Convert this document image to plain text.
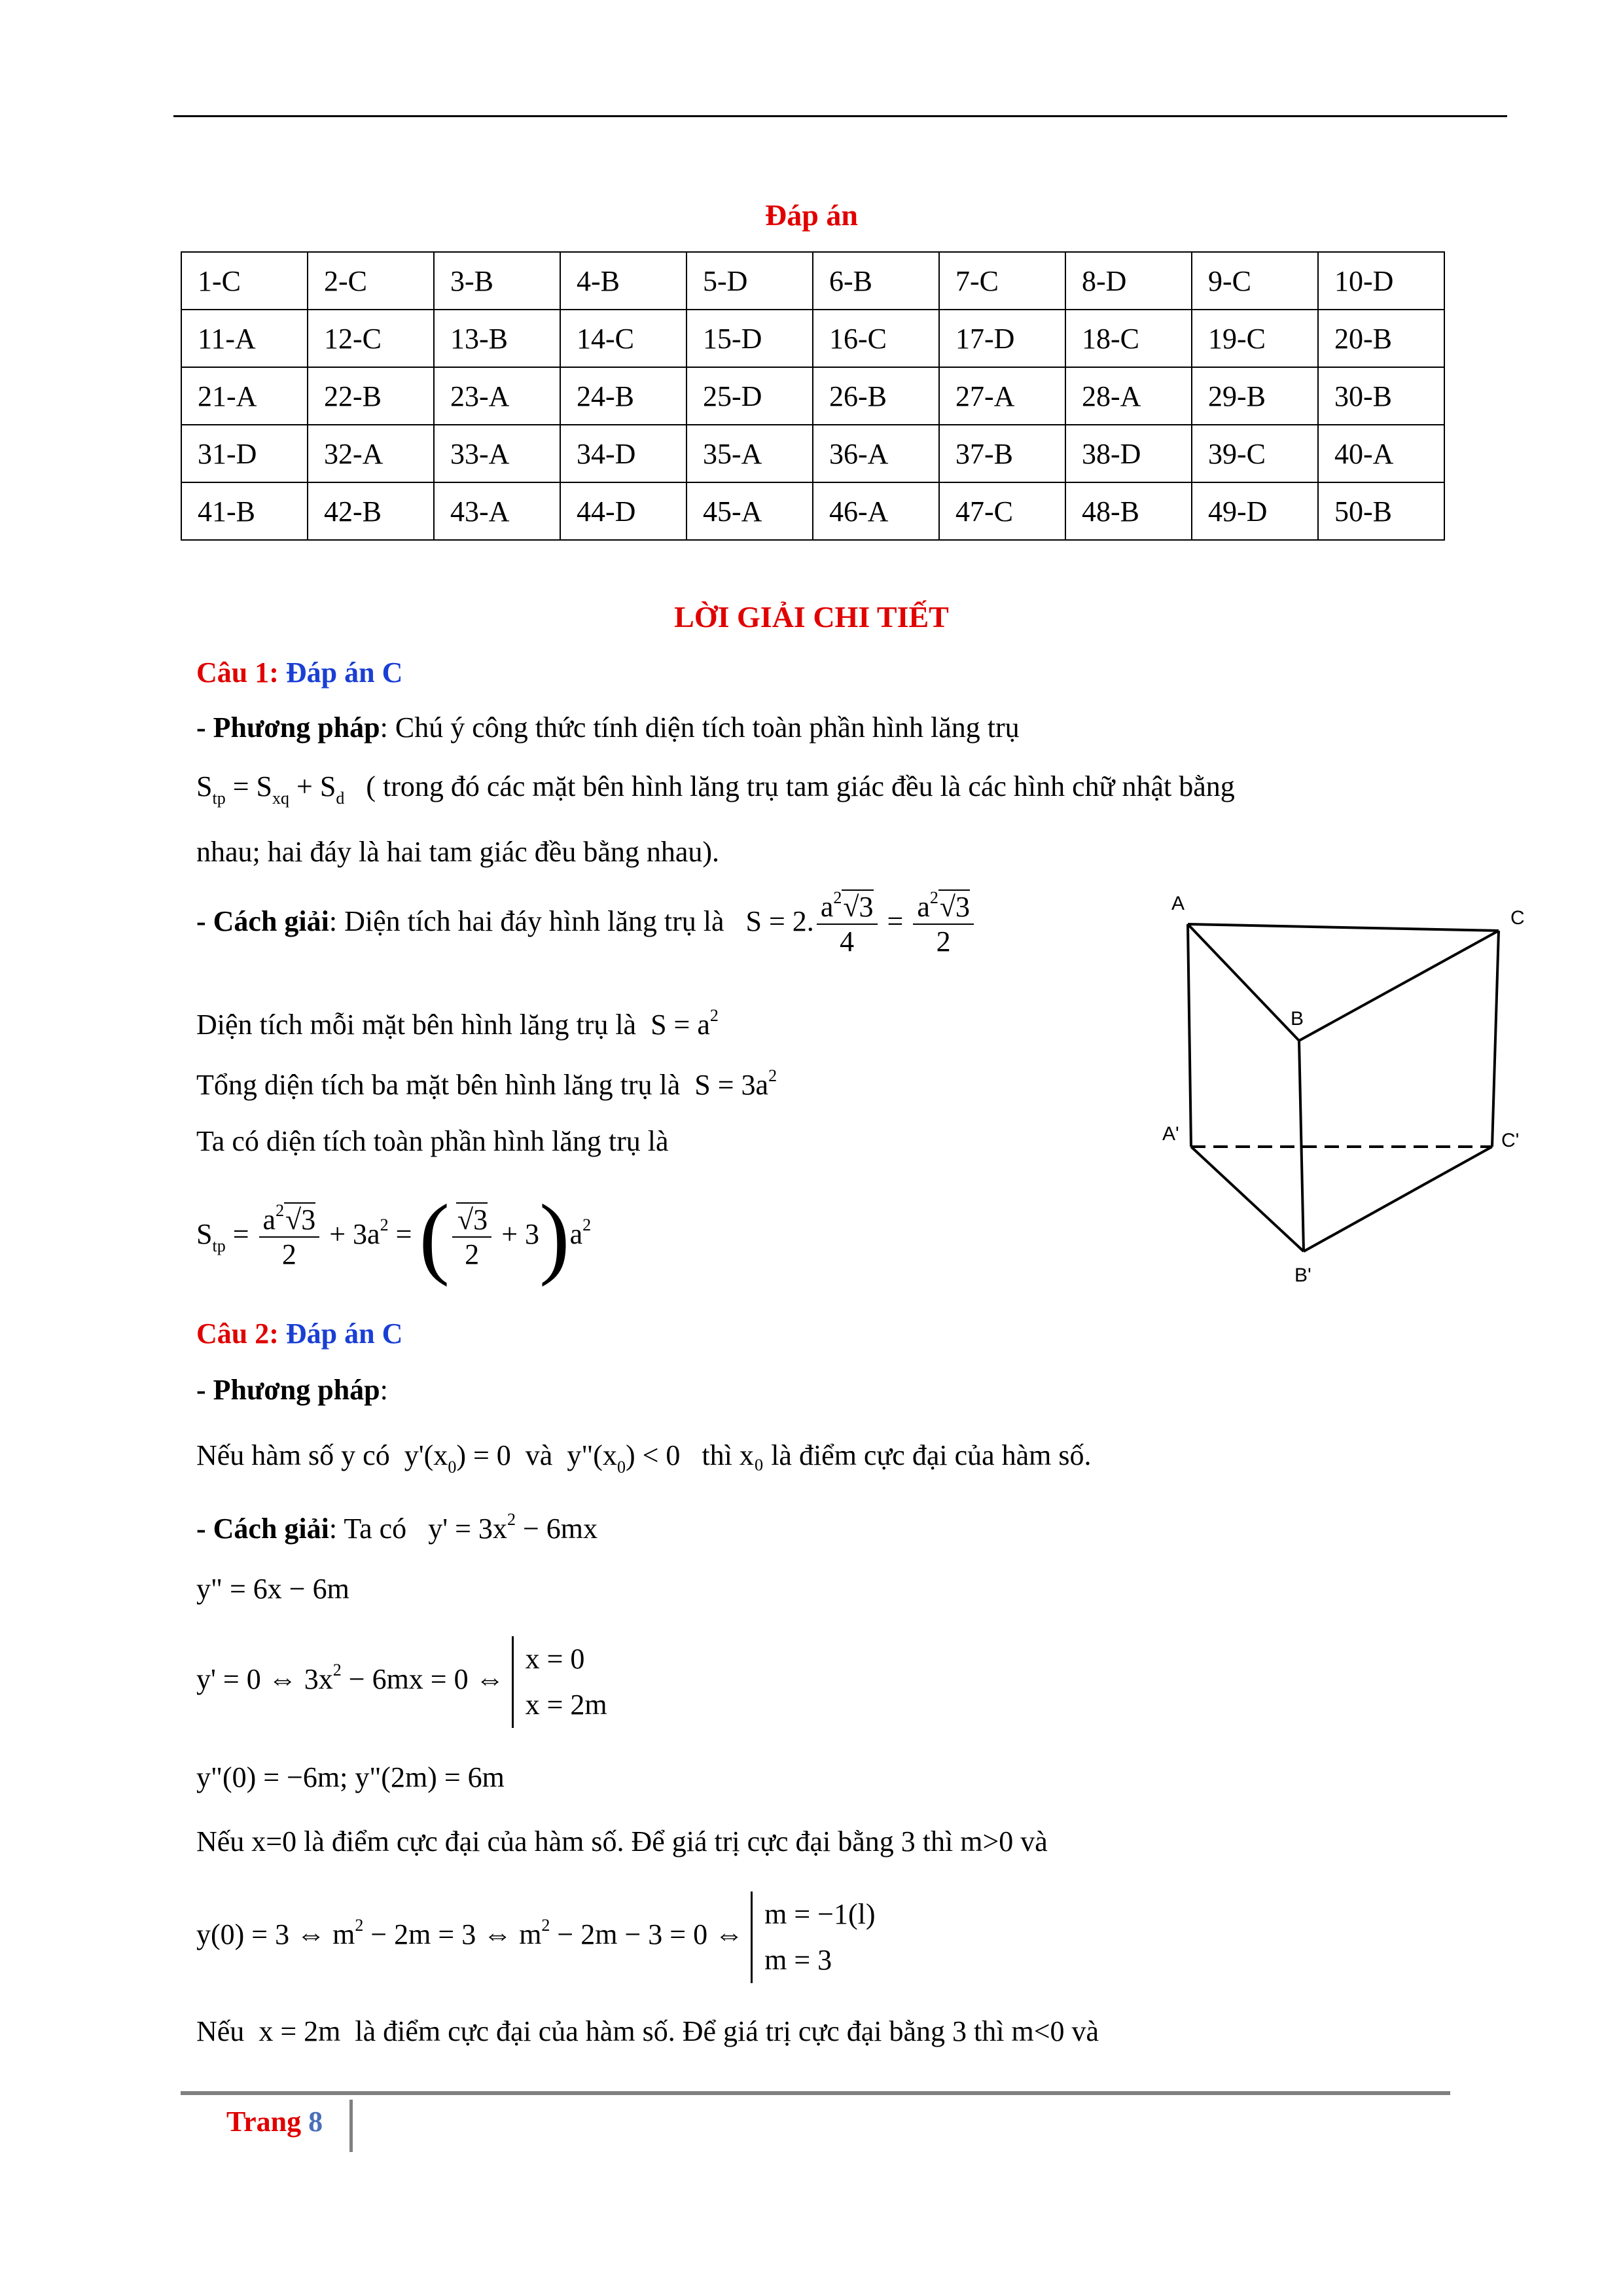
Đáp án
1-C	2-C	3-B	4-B	5-D	6-B	7-C	8-D	9-C	10-D
11-A	12-C	13-B	14-C	15-D	16-C	17-D	18-C	19-C	20-B
21-A	22-B	23-A	24-B	25-D	26-B	27-A	28-A	29-B	30-B
31-D	32-A	33-A	34-D	35-A	36-A	37-B	38-D	39-C	40-A
41-B	42-B	43-A	44-D	45-A	46-A	47-C	48-B	49-D	50-B
LỜI GIẢI CHI TIẾT
Câu 1: Đáp án C
- Phương pháp: Chú ý công thức tính diện tích toàn phần hình lăng trụ
$S_{tp} = S_{xq} + S_d$ ( trong đó các mặt bên hình lăng trụ tam giác đều là các hình chữ nhật bằng
nhau; hai đáy là hai tam giác đều bằng nhau).
- Cách giải: Diện tích hai đáy hình lăng trụ là S = 2. $\frac{a^2√3}{4} = \frac{a^2√3}{2}$
Diện tích mỗi mặt bên hình lăng trụ là  $S = a^2$
Tổng diện tích ba mặt bên hình lăng trụ là  $S = 3a^2$
Ta có diện tích toàn phần hình lăng trụ là
$S_{tp} = \frac{a^2√3}{2} + 3a^2$ = ( $\frac{√3}{2} + 3)a^2$
A
C
B
A'	C'
B'
Câu 2: Đáp án C
- Phương pháp:
Nếu hàm số y có  $y'(x_0) = 0$  và  $y"(x_0) < 0$   thì x₀ là điểm cực đại của hàm số.
- Cách giải: Ta có   $y' = 3x^2 - 6mx$
y" = 6x − 6m
y' = 0 ⇔ $3x^2 - 6mx = 0$ ⇔ x = 0
x = 2m
y"(0) = −6m; y"(2m) = 6m
Nếu x=0 là điểm cực đại của hàm số. Để giá trị cực đại bằng 3 thì m>0 và
y(0) = 3 ⇔ $m^2 - 2m = 3$ ⇔ $m^2 - 2m - 3 = 0$ ⇔ m = −1(l)
m = 3
Nếu  x = 2m  là điểm cực đại của hàm số. Để giá trị cực đại bằng 3 thì m<0 và
Trang 8
